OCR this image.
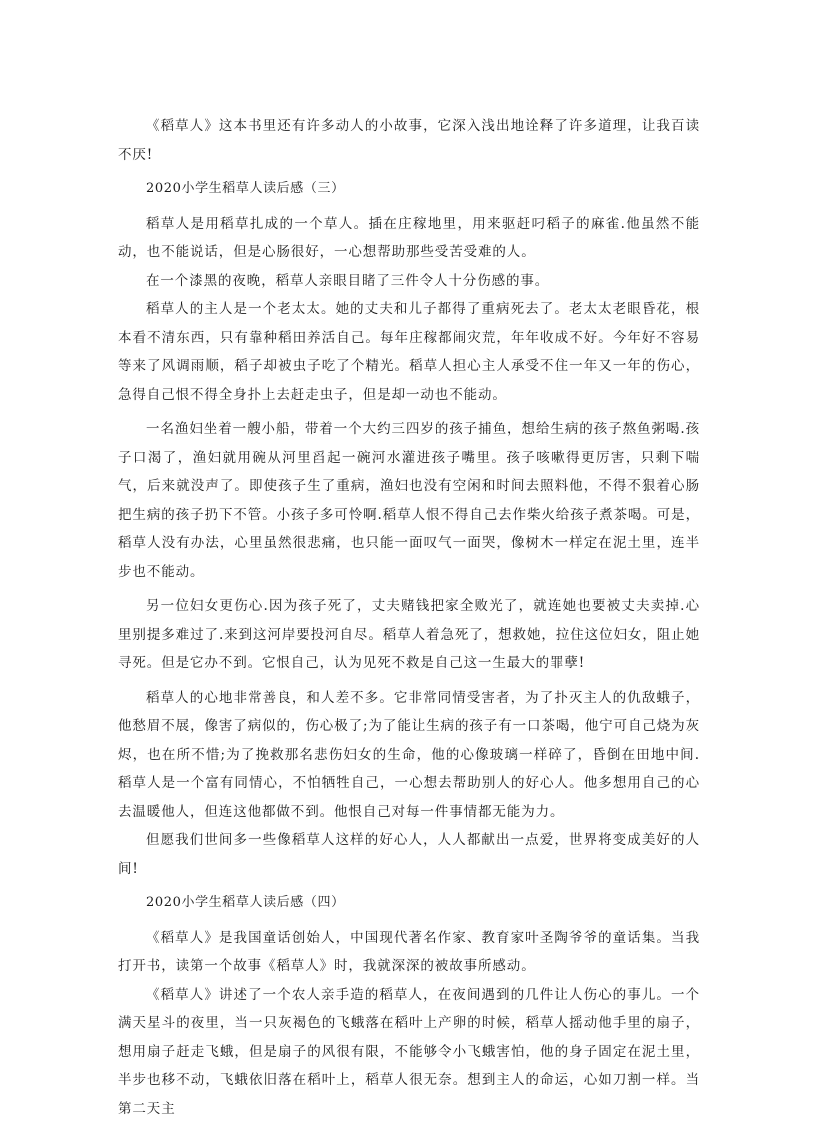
《稻草人》这本书里还有许多动人的小故事，它深入浅出地诠释了许多道理，让我百读不厌!

2020小学生稻草人读后感（三）

稻草人是用稻草扎成的一个草人。插在庄稼地里，用来驱赶叼稻子的麻雀.他虽然不能动，也不能说话，但是心肠很好，一心想帮助那些受苦受难的人。

在一个漆黑的夜晚，稻草人亲眼目睹了三件令人十分伤感的事。

稻草人的主人是一个老太太。她的丈夫和儿子都得了重病死去了。老太太老眼昏花，根本看不清东西，只有靠种稻田养活自己。每年庄稼都闹灾荒，年年收成不好。今年好不容易等来了风调雨顺，稻子却被虫子吃了个精光。稻草人担心主人承受不住一年又一年的伤心，急得自己恨不得全身扑上去赶走虫子，但是却一动也不能动。

一名渔妇坐着一艘小船，带着一个大约三四岁的孩子捕鱼，想给生病的孩子熬鱼粥喝.孩子口渴了，渔妇就用碗从河里舀起一碗河水灌进孩子嘴里。孩子咳嗽得更厉害，只剩下喘气，后来就没声了。即使孩子生了重病，渔妇也没有空闲和时间去照料他，不得不狠着心肠把生病的孩子扔下不管。小孩子多可怜啊.稻草人恨不得自己去作柴火给孩子煮茶喝。可是，稻草人没有办法，心里虽然很悲痛，也只能一面叹气一面哭，像树木一样定在泥土里，连半步也不能动。

另一位妇女更伤心.因为孩子死了，丈夫赌钱把家全败光了，就连她也要被丈夫卖掉.心里别提多难过了.来到这河岸要投河自尽。稻草人着急死了，想救她，拉住这位妇女，阻止她寻死。但是它办不到。它恨自己，认为见死不救是自己这一生最大的罪孽!

稻草人的心地非常善良，和人差不多。它非常同情受害者，为了扑灭主人的仇敌蛾子，他愁眉不展，像害了病似的，伤心极了;为了能让生病的孩子有一口茶喝，他宁可自己烧为灰烬，也在所不惜;为了挽救那名悲伤妇女的生命，他的心像玻璃一样碎了，昏倒在田地中间.稻草人是一个富有同情心，不怕牺牲自己，一心想去帮助别人的好心人。他多想用自己的心去温暖他人，但连这他都做不到。他恨自己对每一件事情都无能为力。

但愿我们世间多一些像稻草人这样的好心人，人人都献出一点爱，世界将变成美好的人间!

2020小学生稻草人读后感（四）

《稻草人》是我国童话创始人，中国现代著名作家、教育家叶圣陶爷爷的童话集。当我打开书，读第一个故事《稻草人》时，我就深深的被故事所感动。

《稻草人》讲述了一个农人亲手造的稻草人，在夜间遇到的几件让人伤心的事儿。一个满天星斗的夜里，当一只灰褐色的飞蛾落在稻叶上产卵的时候，稻草人摇动他手里的扇子，想用扇子赶走飞蛾，但是扇子的风很有限，不能够令小飞蛾害怕，他的身子固定在泥土里，半步也移不动，飞蛾依旧落在稻叶上，稻草人很无奈。想到主人的命运，心如刀割一样。当第二天主
